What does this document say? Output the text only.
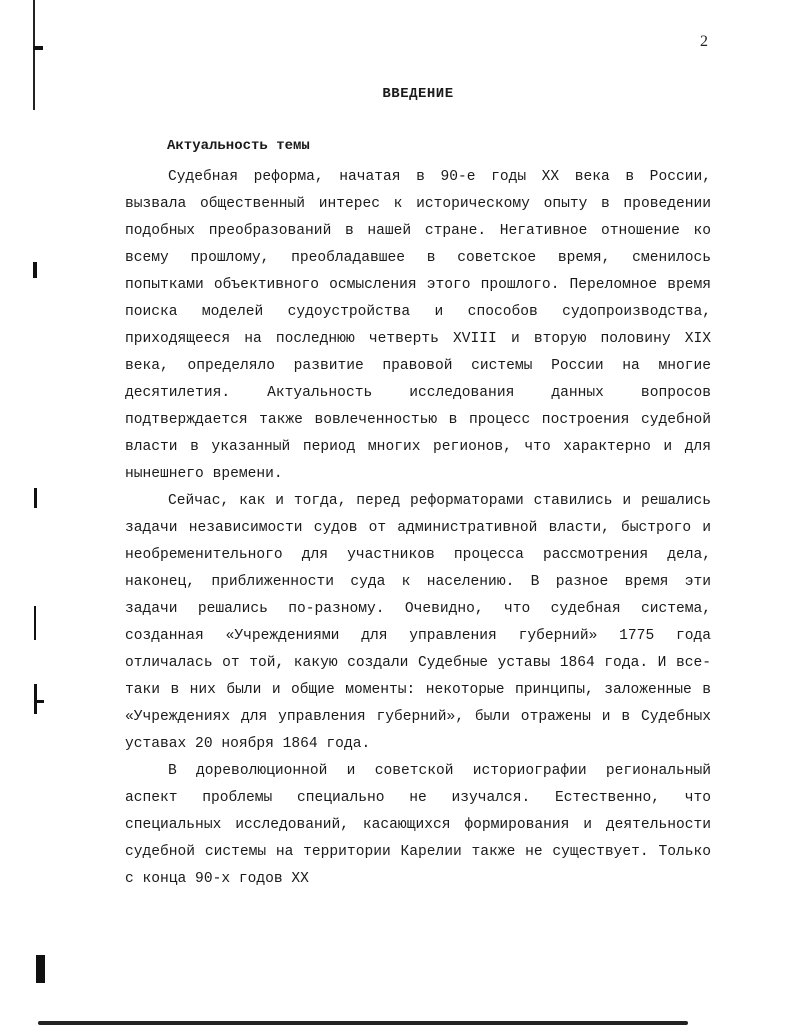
2
ВВЕДЕНИЕ
Актуальность темы

Судебная реформа, начатая в 90-е годы XX века в России, вызвала общественный интерес к историческому опыту в проведении подобных преобразований в нашей стране. Негативное отношение ко всему прошлому, преобладавшее в советское время, сменилось попытками объективного осмысления этого прошлого. Переломное время поиска моделей судоустройства и способов судопроизводства, приходящееся на последнюю четверть XVIII и вторую половину XIX века, определяло развитие правовой системы России на многие десятилетия. Актуальность исследования данных вопросов подтверждается также вовлеченностью в процесс построения судебной власти в указанный период многих регионов, что характерно и для нынешнего времени.

Сейчас, как и тогда, перед реформаторами ставились и решались задачи независимости судов от административной власти, быстрого и необременительного для участников процесса рассмотрения дела, наконец, приближенности суда к населению. В разное время эти задачи решались по-разному. Очевидно, что судебная система, созданная «Учреждениями для управления губерний» 1775 года отличалась от той, какую создали Судебные уставы 1864 года. И все-таки в них были и общие моменты: некоторые принципы, заложенные в «Учреждениях для управления губерний», были отражены и в Судебных уставах 20 ноября 1864 года.

В дореволюционной и советской историографии региональный аспект проблемы специально не изучался. Естественно, что специальных исследований, касающихся формирования и деятельности судебной системы на территории Карелии также не существует. Только с конца 90-х годов XX
